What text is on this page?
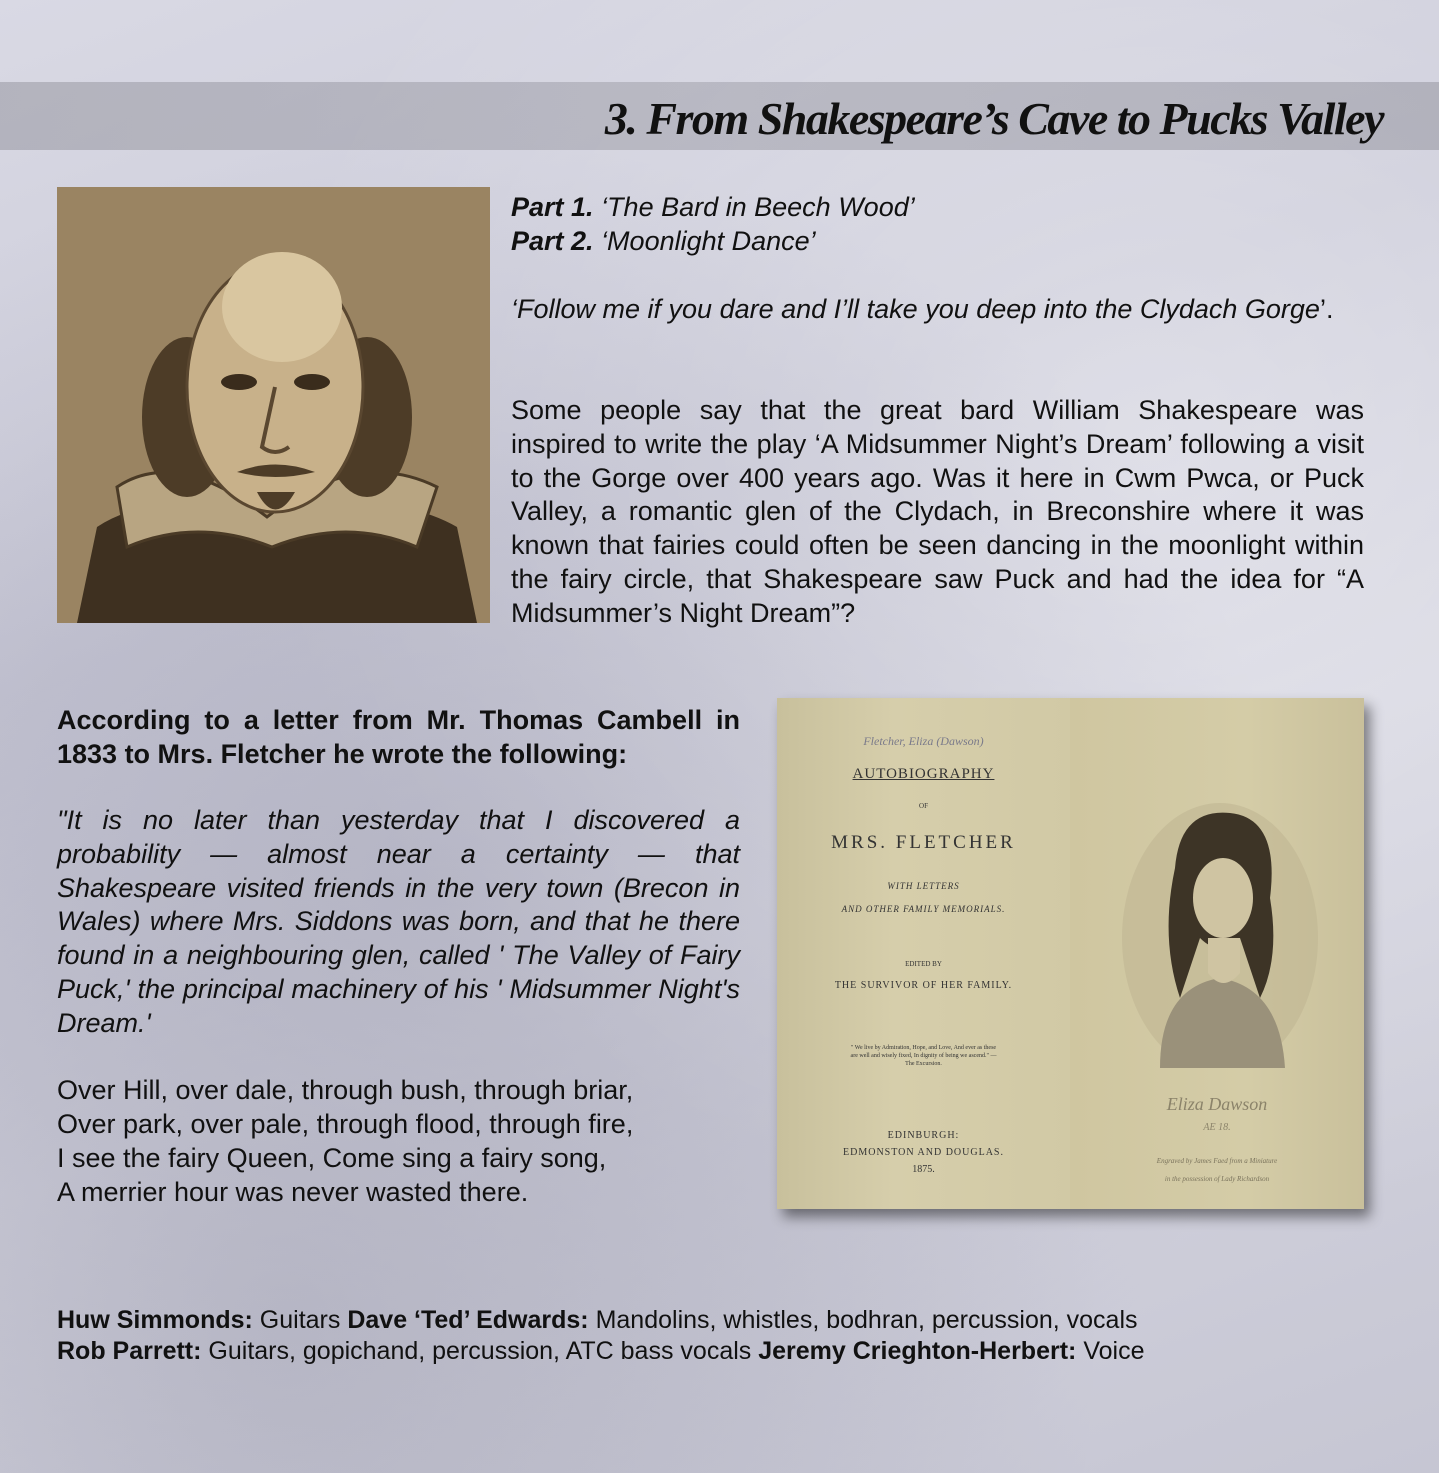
3. From Shakespeare’s Cave to Pucks Valley
Part 1. ‘The Bard in Beech Wood’
Part 2. ‘Moonlight Dance’

‘Follow me if you dare and I’ll take you deep into the Clydach Gorge’.

Some people say that the great bard William Shakespeare was inspired to write the play ‘A Midsummer Night’s Dream’ following a visit to the Gorge over 400 years ago. Was it here in Cwm Pwca, or Puck Valley, a romantic glen of the Clydach, in Breconshire where it was known that fairies could often be seen dancing in the moonlight within the fairy circle, that Shakespeare saw Puck and had the idea for “A Midsummer’s Night Dream”?

According to a letter from Mr. Thomas Cambell in 1833 to Mrs. Fletcher he wrote the following:

"It is no later than yesterday that I discovered a probability — almost near a certainty — that Shakespeare visited friends in the very town (Brecon in Wales) where Mrs. Siddons was born, and that he there found in a neighbouring glen, called ' The Valley of Fairy Puck,' the principal machinery of his ' Midsummer Night's Dream.'

Over Hill, over dale, through bush, through briar,
Over park, over pale, through flood, through fire,
I see the fairy Queen, Come sing a fairy song,
A merrier hour was never wasted there.
Fletcher, Eliza (Dawson)
AUTOBIOGRAPHY
OF
MRS. FLETCHER
WITH LETTERS
AND OTHER FAMILY MEMORIALS.
EDITED BY
THE SURVIVOR OF HER FAMILY.
" We live by Admiration, Hope, and Love, And ever as these are well and wisely fixed, In dignity of being we ascend." — The Excursion.
EDINBURGH:
EDMONSTON AND DOUGLAS.
1875.
Eliza Dawson
AE 18.
Engraved by James Faed from a Miniature
in the possession of Lady Richardson
Huw Simmonds: Guitars Dave ‘Ted’ Edwards: Mandolins, whistles, bodhran, percussion, vocals
Rob Parrett: Guitars, gopichand, percussion, ATC bass vocals Jeremy Crieghton-Herbert: Voice
